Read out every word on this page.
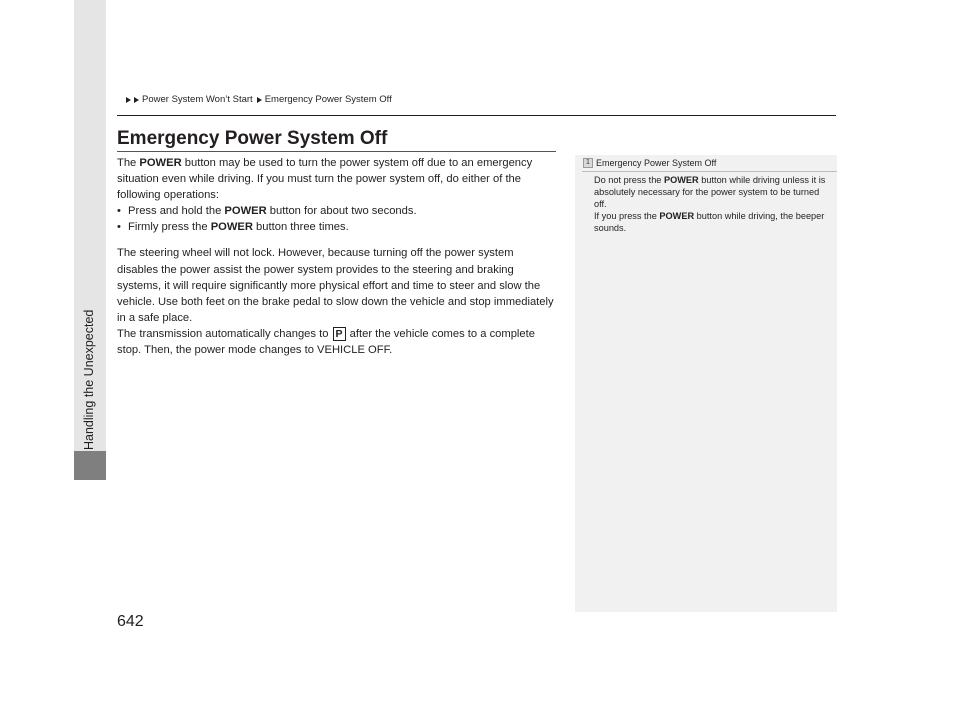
Handling the Unexpected
Power System Won’t Start Emergency Power System Off
Emergency Power System Off

The POWER button may be used to turn the power system off due to an emergency situation even while driving. If you must turn the power system off, do either of the following operations:

• Press and hold the POWER button for about two seconds.
• Firmly press the POWER button three times.

The steering wheel will not lock. However, because turning off the power system disables the power assist the power system provides to the steering and braking systems, it will require significantly more physical effort and time to steer and slow the vehicle. Use both feet on the brake pedal to slow down the vehicle and stop immediately in a safe place.

The transmission automatically changes to P after the vehicle comes to a complete stop. Then, the power mode changes to VEHICLE OFF.

1 Emergency Power System Off
Do not press the POWER button while driving unless it is absolutely necessary for the power system to be turned off.
If you press the POWER button while driving, the beeper sounds.
642
